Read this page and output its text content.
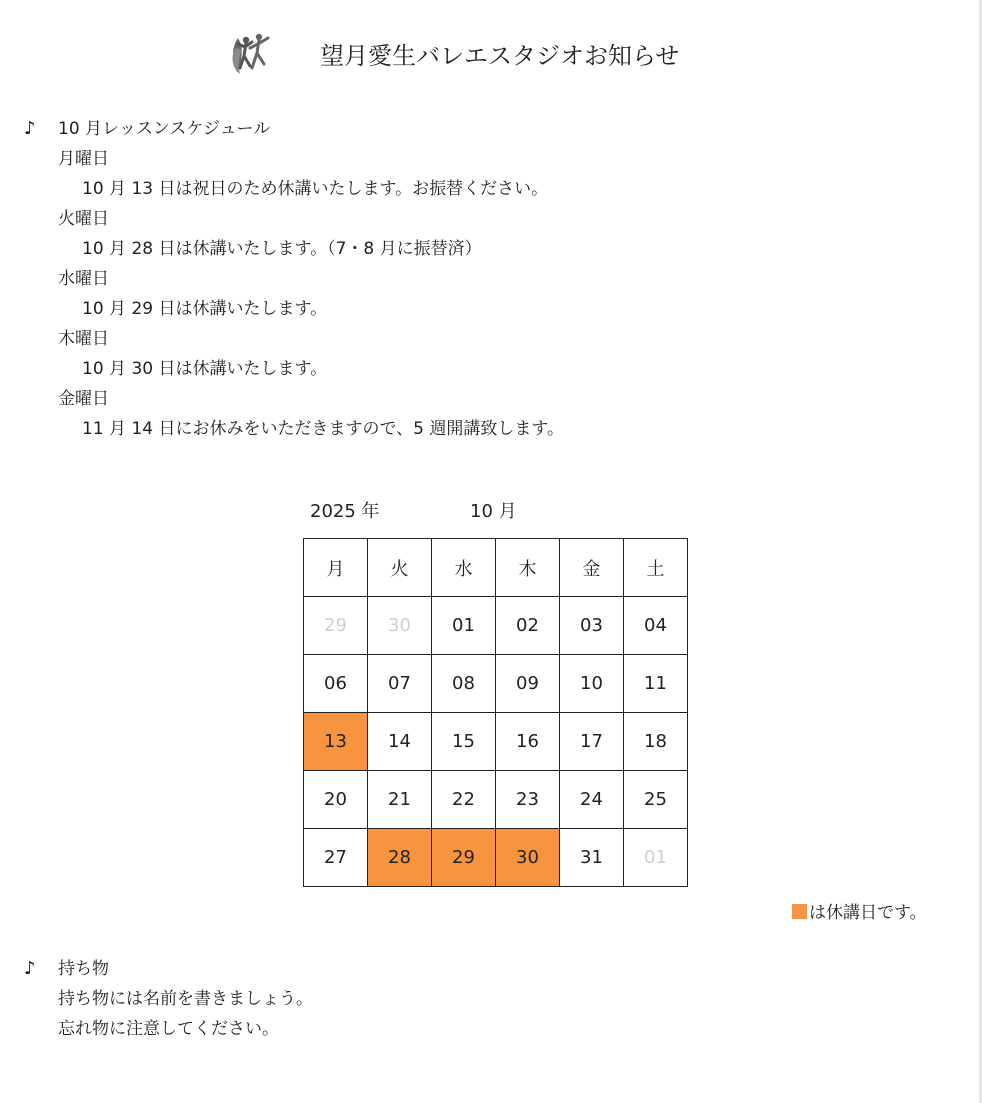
望月愛生バレエスタジオお知らせ
♪ 10 月レッスンスケジュール
月曜日
10 月 13 日は祝日のため休講いたします。お振替ください。
火曜日
10 月 28 日は休講いたします。（7・8 月に振替済）
水曜日
10 月 29 日は休講いたします。
木曜日
10 月 30 日は休講いたします。
金曜日
11 月 14 日にお休みをいただきますので、5 週開講致します。
2025 年	10 月
月	火	水	木	金	土
29	30	01	02	03	04
06	07	08	09	10	11
13	14	15	16	17	18
20	21	22	23	24	25
27	28	29	30	31	01
は休講日です。
♪ 持ち物
持ち物には名前を書きましょう。
忘れ物に注意してください。
